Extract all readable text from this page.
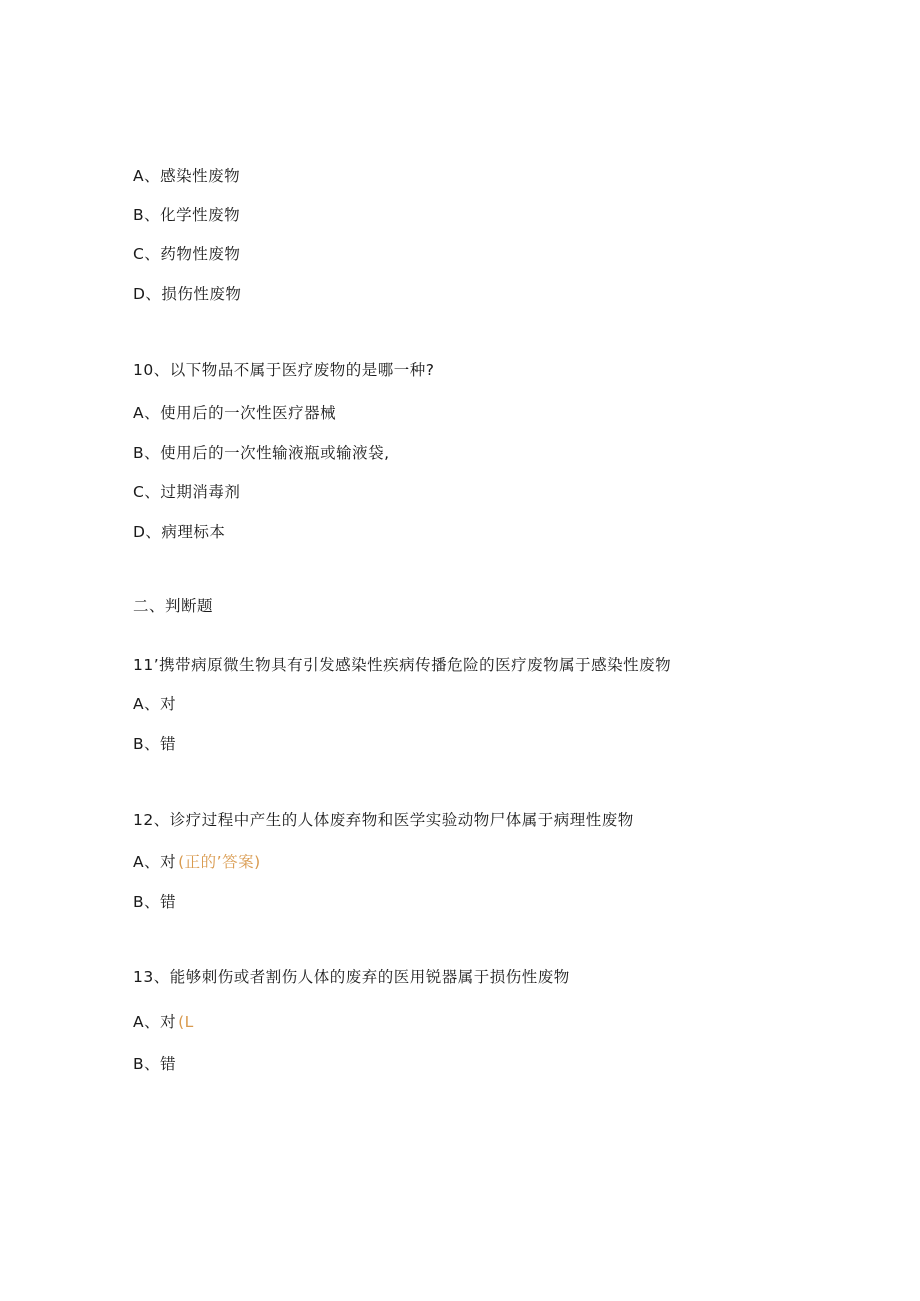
A、感染性废物
B、化学性废物
C、药物性废物
D、损伤性废物
10、以下物品不属于医疗废物的是哪一种?
A、使用后的一次性医疗器械
B、使用后的一次性输液瓶或输液袋,
C、过期消毒剂
D、病理标本
二、判断题
11’携带病原微生物具有引发感染性疾病传播危险的医疗废物属于感染性废物
A、对
B、错
12、诊疗过程中产生的人体废弃物和医学实验动物尸体属于病理性废物
A、对 (正的’答案)
B、错
13、能够刺伤或者割伤人体的废弃的医用锐器属于损伤性废物
A、对 (L
B、错
